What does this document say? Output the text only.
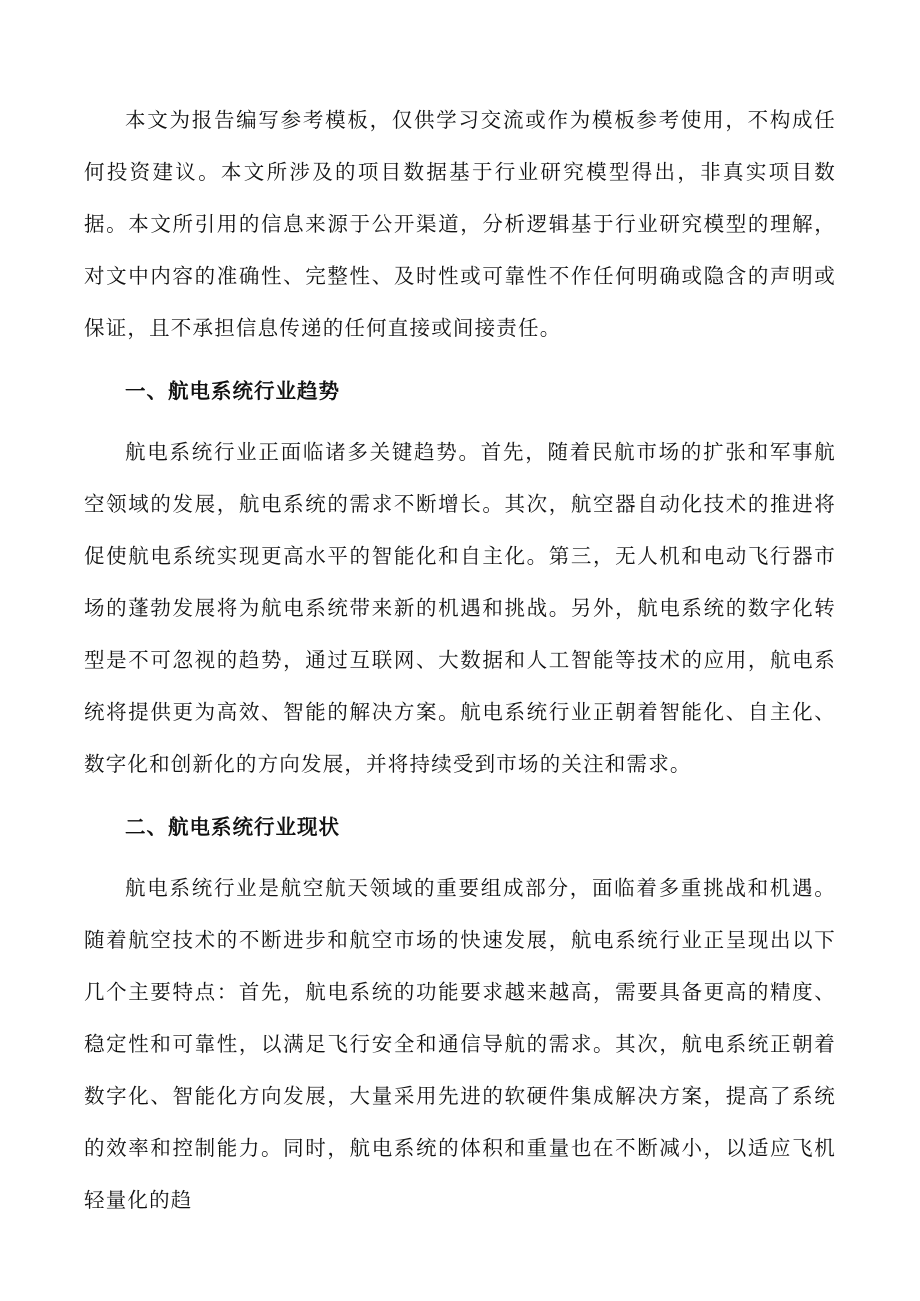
本文为报告编写参考模板，仅供学习交流或作为模板参考使用，不构成任何投资建议。本文所涉及的项目数据基于行业研究模型得出，非真实项目数据。本文所引用的信息来源于公开渠道，分析逻辑基于行业研究模型的理解，对文中内容的准确性、完整性、及时性或可靠性不作任何明确或隐含的声明或保证，且不承担信息传递的任何直接或间接责任。

一、航电系统行业趋势

航电系统行业正面临诸多关键趋势。首先，随着民航市场的扩张和军事航空领域的发展，航电系统的需求不断增长。其次，航空器自动化技术的推进将促使航电系统实现更高水平的智能化和自主化。第三，无人机和电动飞行器市场的蓬勃发展将为航电系统带来新的机遇和挑战。另外，航电系统的数字化转型是不可忽视的趋势，通过互联网、大数据和人工智能等技术的应用，航电系统将提供更为高效、智能的解决方案。航电系统行业正朝着智能化、自主化、数字化和创新化的方向发展，并将持续受到市场的关注和需求。

二、航电系统行业现状

航电系统行业是航空航天领域的重要组成部分，面临着多重挑战和机遇。随着航空技术的不断进步和航空市场的快速发展，航电系统行业正呈现出以下几个主要特点：首先，航电系统的功能要求越来越高，需要具备更高的精度、稳定性和可靠性，以满足飞行安全和通信导航的需求。其次，航电系统正朝着数字化、智能化方向发展，大量采用先进的软硬件集成解决方案，提高了系统的效率和控制能力。同时，航电系统的体积和重量也在不断减小，以适应飞机轻量化的趋
